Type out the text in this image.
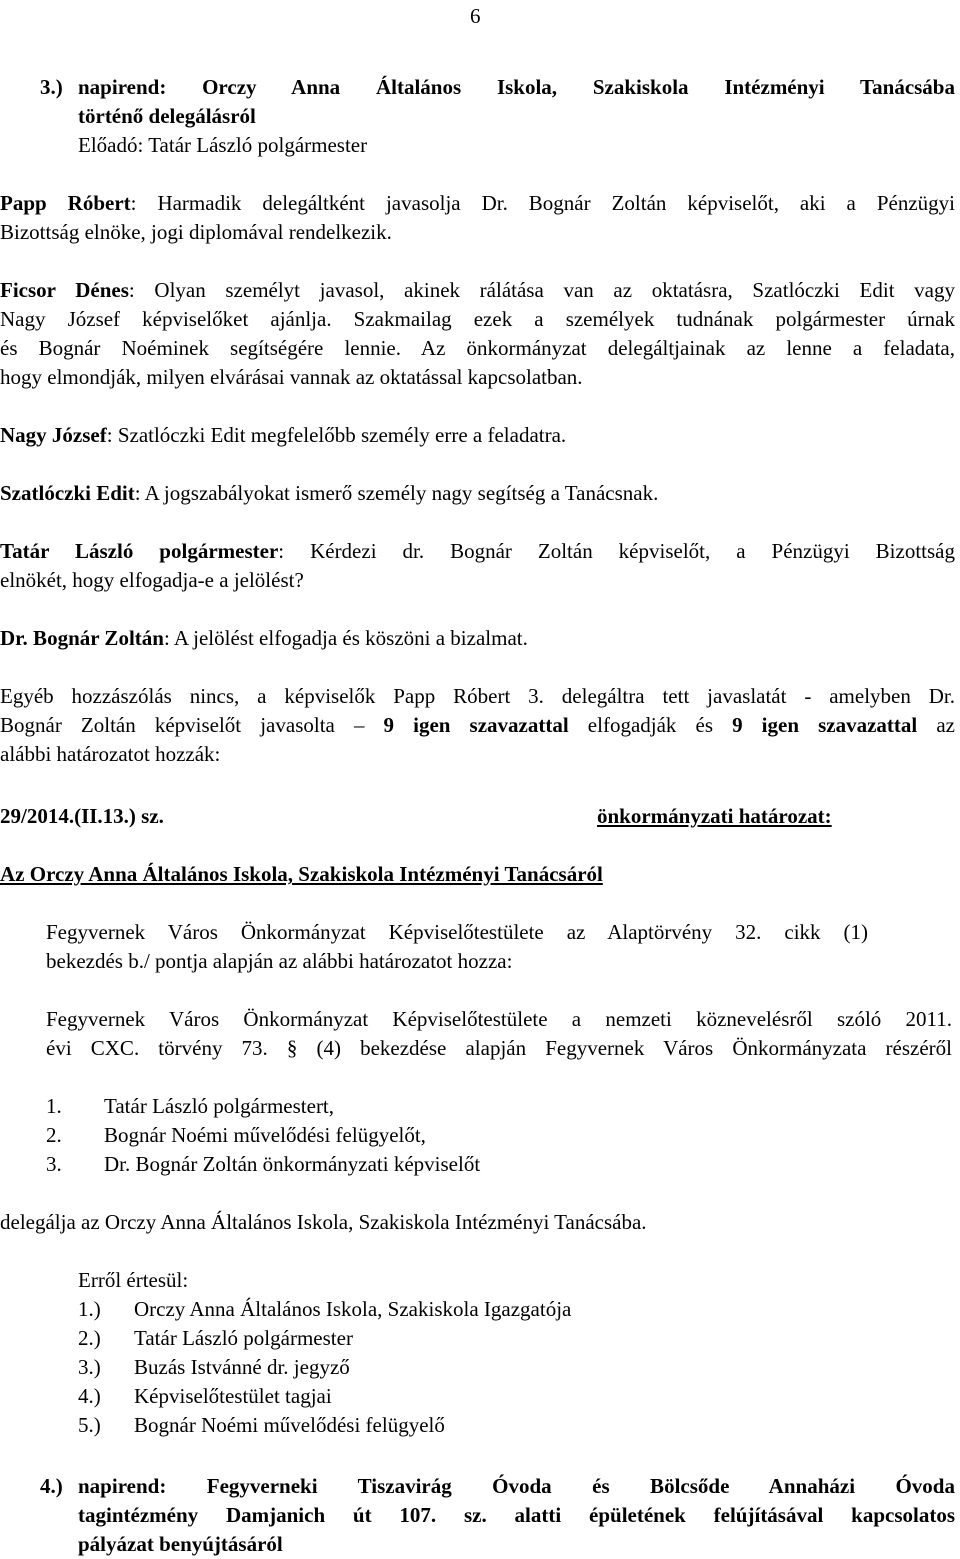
6
3.) napirend: Orczy Anna Általános Iskola, Szakiskola Intézményi Tanácsába
történő delegálásról
Előadó: Tatár László polgármester
Papp Róbert: Harmadik delegáltként javasolja Dr. Bognár Zoltán képviselőt, aki a Pénzügyi
Bizottság elnöke, jogi diplomával rendelkezik.
Ficsor Dénes: Olyan személyt javasol, akinek rálátása van az oktatásra, Szatlóczki Edit vagy
Nagy József képviselőket ajánlja. Szakmailag ezek a személyek tudnának polgármester úrnak
és Bognár Noéminek segítségére lennie. Az önkormányzat delegáltjainak az lenne a feladata,
hogy elmondják, milyen elvárásai vannak az oktatással kapcsolatban.
Nagy József: Szatlóczki Edit megfelelőbb személy erre a feladatra.
Szatlóczki Edit: A jogszabályokat ismerő személy nagy segítség a Tanácsnak.
Tatár László polgármester: Kérdezi dr. Bognár Zoltán képviselőt, a Pénzügyi Bizottság
elnökét, hogy elfogadja-e a jelölést?
Dr. Bognár Zoltán: A jelölést elfogadja és köszöni a bizalmat.
Egyéb hozzászólás nincs, a képviselők Papp Róbert 3. delegáltra tett javaslatát - amelyben Dr.
Bognár Zoltán képviselőt javasolta – 9 igen szavazattal elfogadják és 9 igen szavazattal az
alábbi határozatot hozzák:
29/2014.(II.13.) sz.	önkormányzati határozat:
Az Orczy Anna Általános Iskola, Szakiskola Intézményi Tanácsáról
Fegyvernek Város Önkormányzat Képviselőtestülete az Alaptörvény 32. cikk (1)
bekezdés b./ pontja alapján az alábbi határozatot hozza:
Fegyvernek Város Önkormányzat Képviselőtestülete a nemzeti köznevelésről szóló 2011.
évi CXC. törvény 73. § (4) bekezdése alapján Fegyvernek Város Önkormányzata részéről
1. Tatár László polgármestert,
2. Bognár Noémi művelődési felügyelőt,
3. Dr. Bognár Zoltán önkormányzati képviselőt
delegálja az Orczy Anna Általános Iskola, Szakiskola Intézményi Tanácsába.
Erről értesül:
1.) Orczy Anna Általános Iskola, Szakiskola Igazgatója
2.) Tatár László polgármester
3.) Buzás Istvánné dr. jegyző
4.) Képviselőtestület tagjai
5.) Bognár Noémi művelődési felügyelő
4.) napirend: Fegyverneki Tiszavirág Óvoda és Bölcsőde Annaházi Óvoda
tagintézmény Damjanich út 107. sz. alatti épületének felújításával kapcsolatos
pályázat benyújtásáról
